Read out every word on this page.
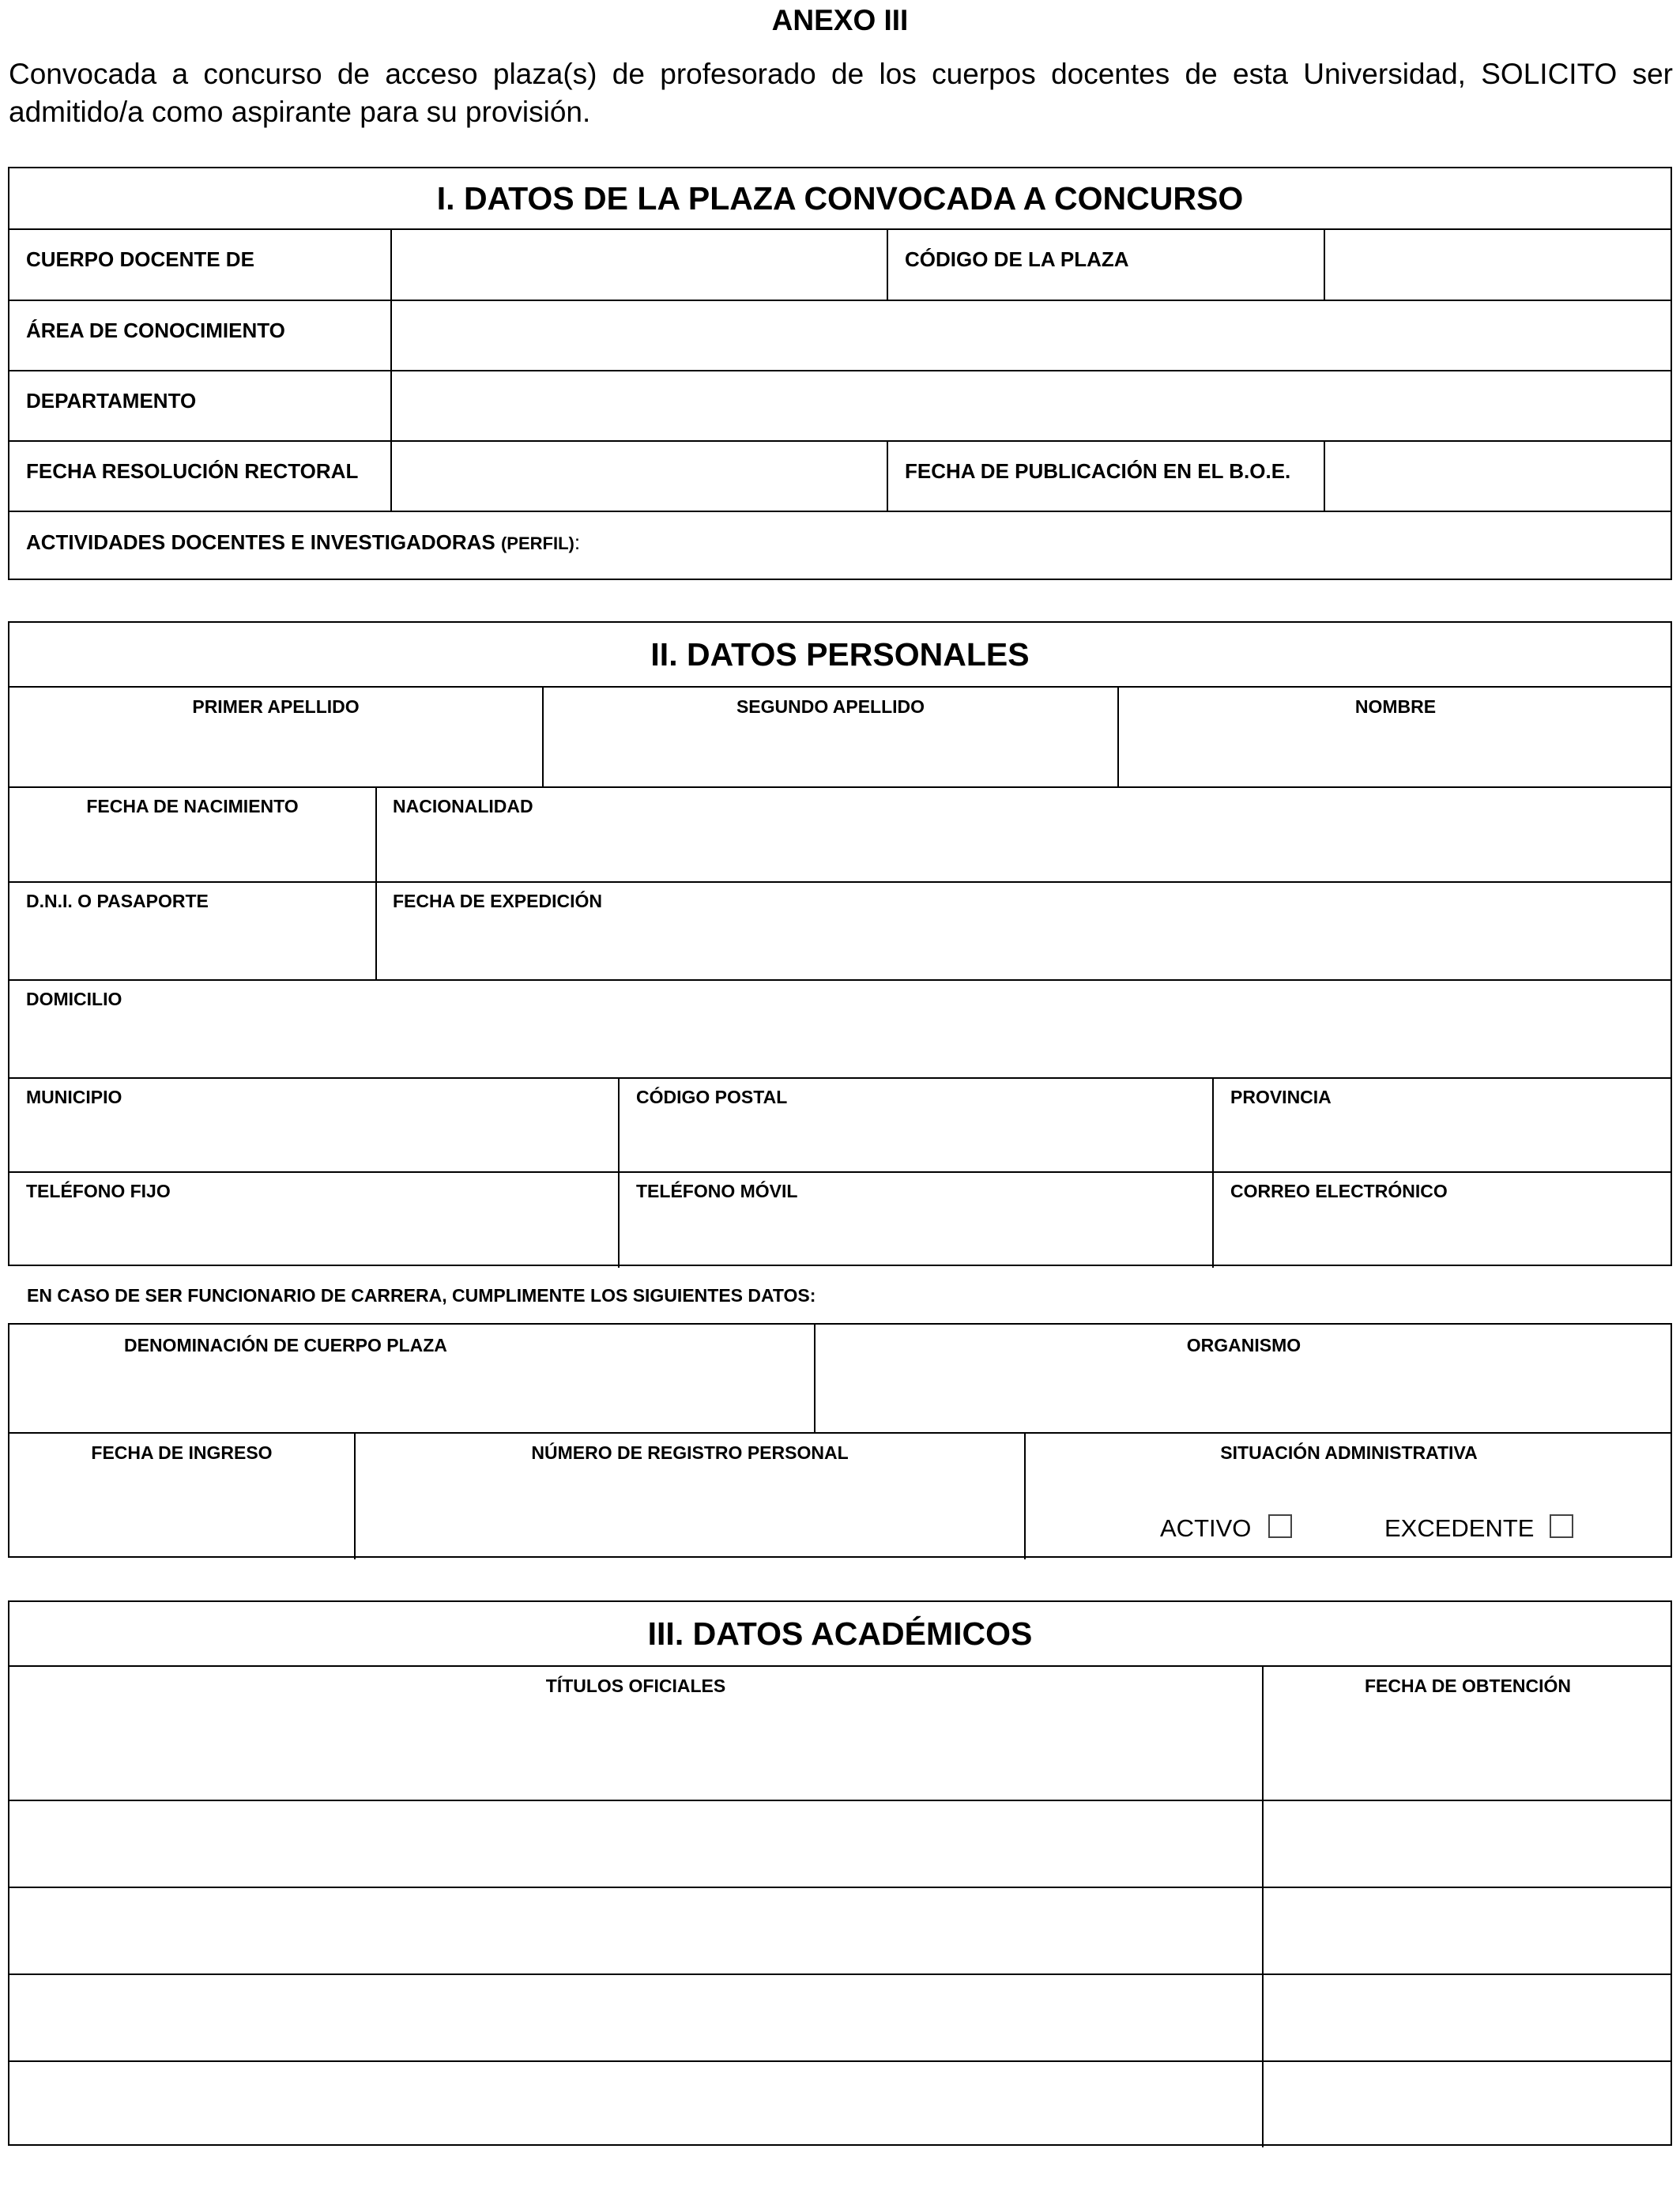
ANEXO III
Convocada a concurso de acceso plaza(s) de profesorado de los cuerpos docentes de esta Universidad, SOLICITO ser admitido/a como aspirante para su provisión.
I. DATOS DE LA PLAZA CONVOCADA A CONCURSO
CUERPO DOCENTE DE	CÓDIGO DE LA PLAZA
ÁREA DE CONOCIMIENTO
DEPARTAMENTO
FECHA RESOLUCIÓN RECTORAL	FECHA DE PUBLICACIÓN EN EL B.O.E.
ACTIVIDADES DOCENTES E INVESTIGADORAS (PERFIL):
II. DATOS PERSONALES
PRIMER APELLIDO	SEGUNDO APELLIDO	NOMBRE
FECHA DE NACIMIENTO	NACIONALIDAD
D.N.I. O PASAPORTE	FECHA DE EXPEDICIÓN
DOMICILIO
MUNICIPIO	CÓDIGO POSTAL	PROVINCIA
TELÉFONO FIJO	TELÉFONO MÓVIL	CORREO ELECTRÓNICO
EN CASO DE SER FUNCIONARIO DE CARRERA, CUMPLIMENTE LOS SIGUIENTES DATOS:
DENOMINACIÓN DE CUERPO PLAZA	ORGANISMO
FECHA DE INGRESO	NÚMERO DE REGISTRO PERSONAL	SITUACIÓN ADMINISTRATIVA
ACTIVO	EXCEDENTE
III. DATOS ACADÉMICOS
TÍTULOS OFICIALES	FECHA DE OBTENCIÓN
